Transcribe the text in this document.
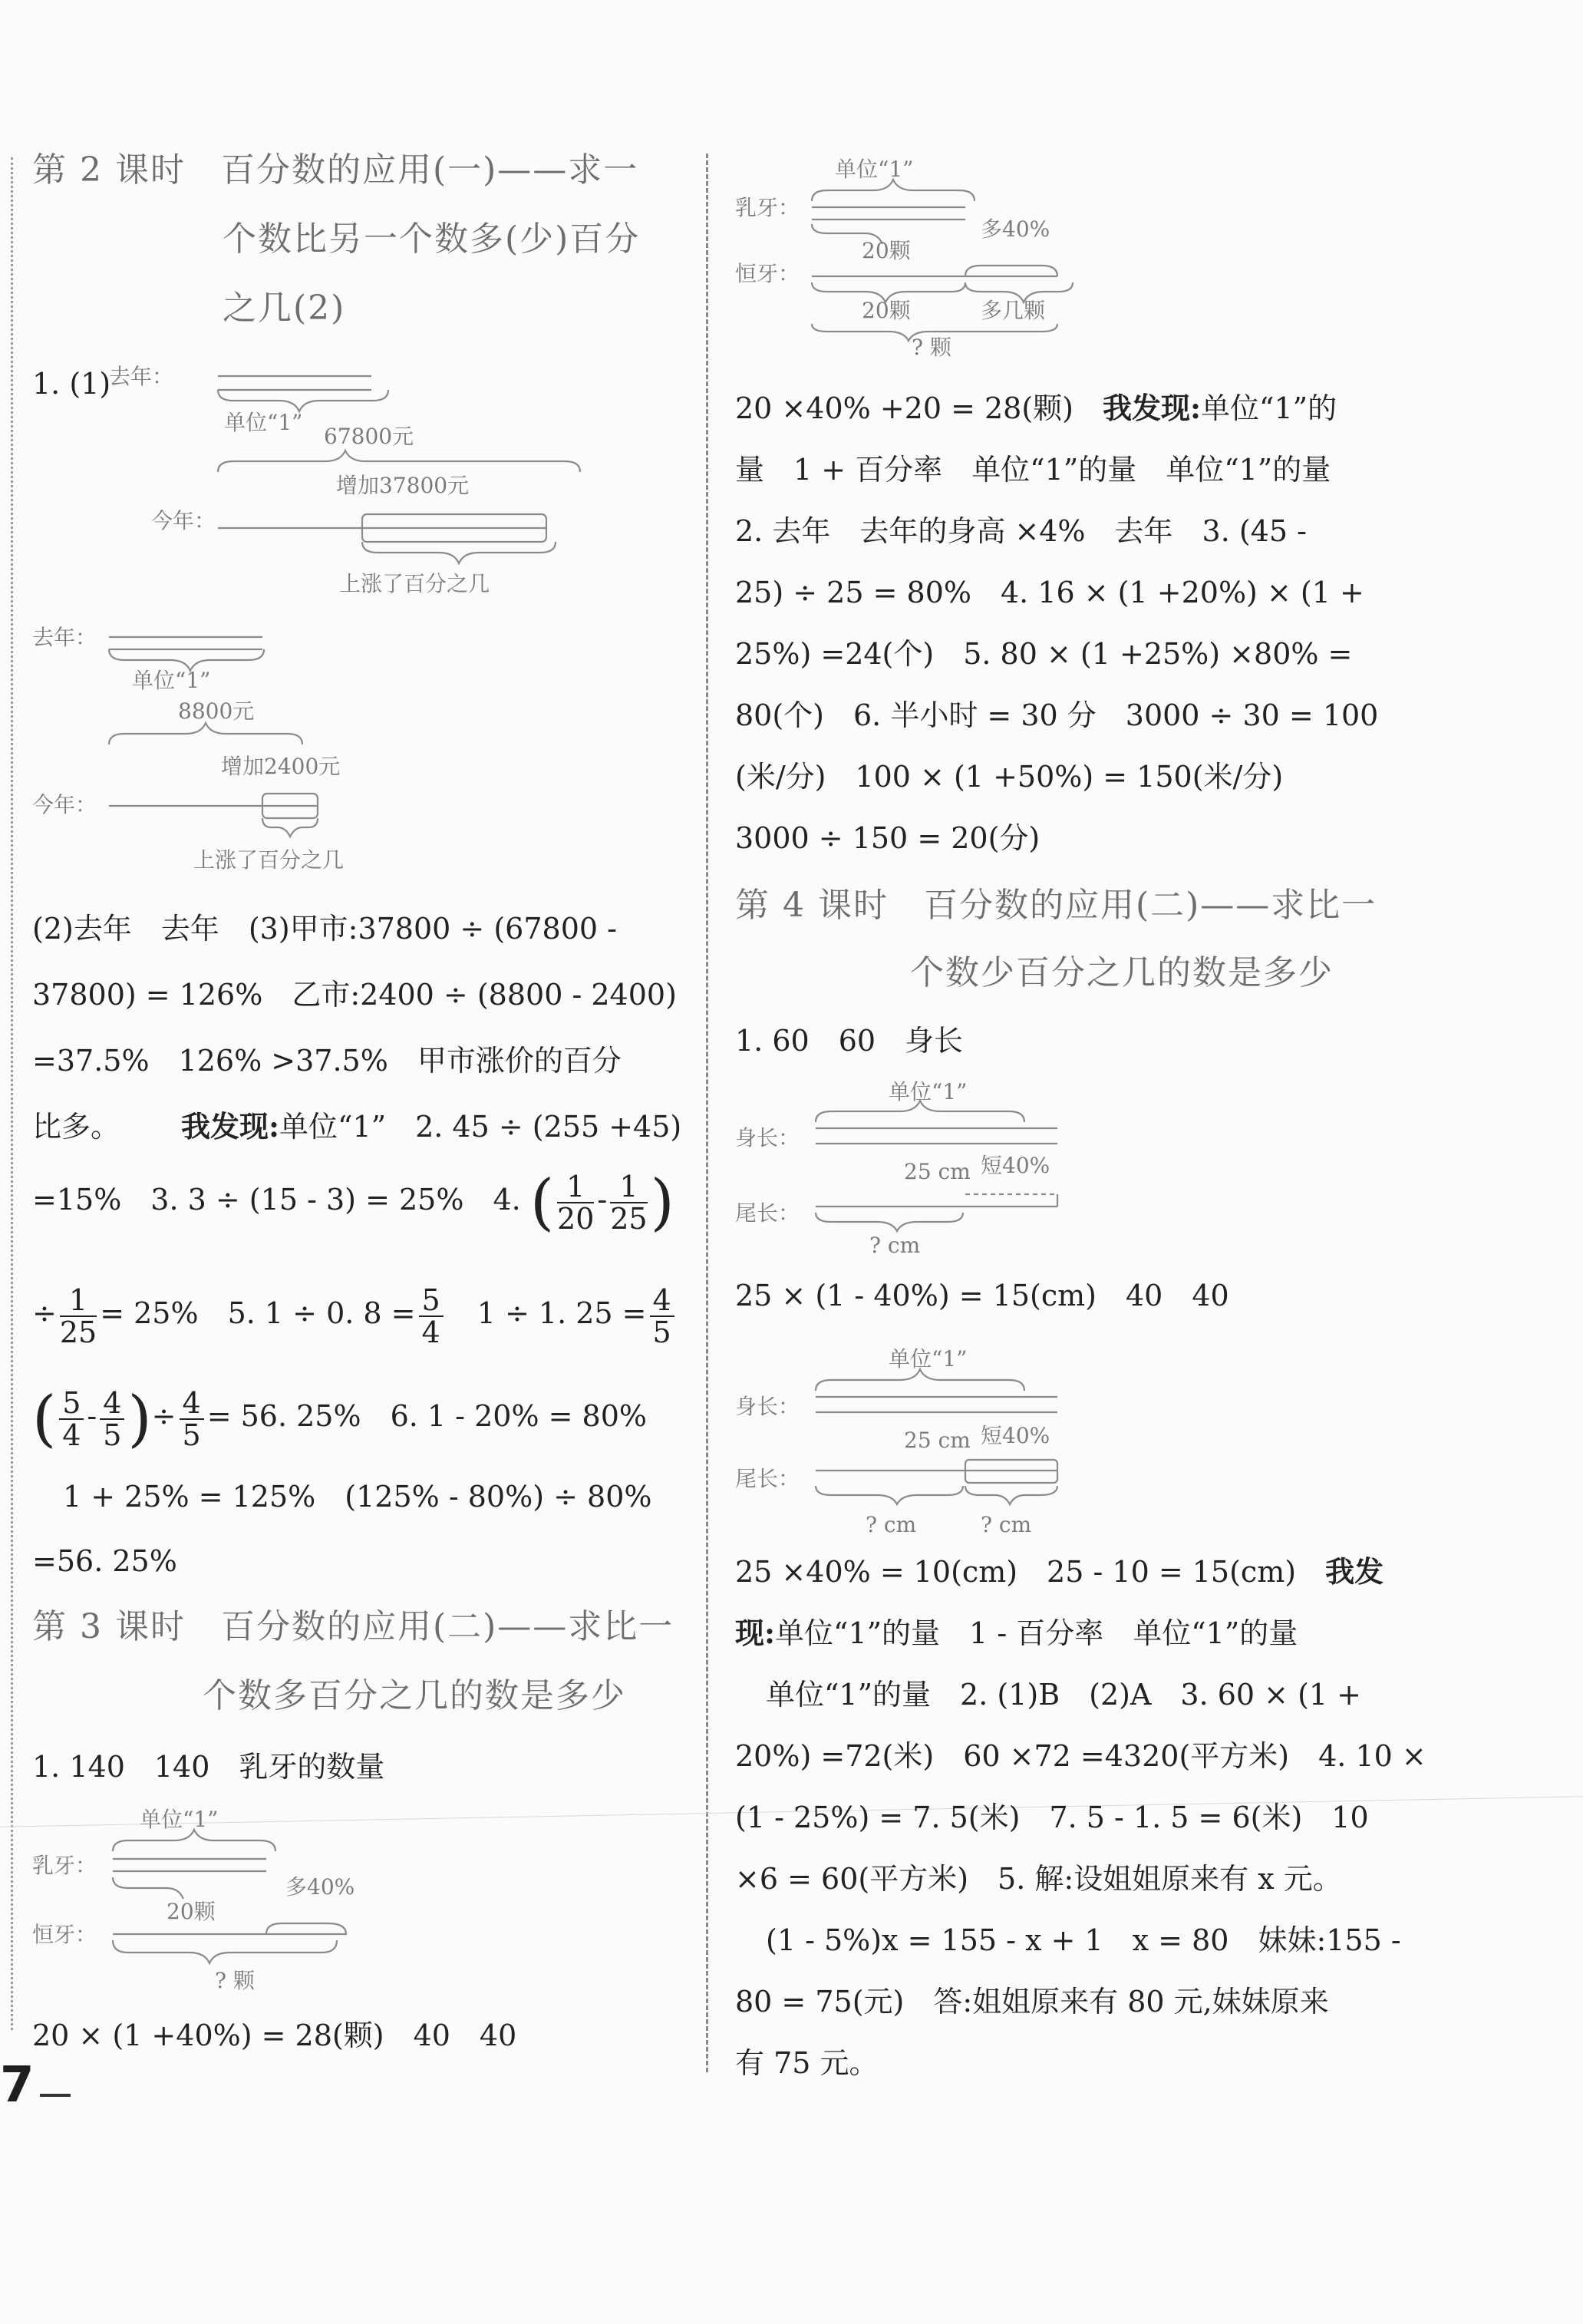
第 2 课时　百分数的应用(一)——求一
个数比另一个数多(少)百分
之几(2)
1. (1)
去年：
单位“1”
67800元
增加37800元
今年：
上涨了百分之几
去年：
单位“1”
8800元
增加2400元
今年：
上涨了百分之几
(2)去年　去年　(3)甲市:37800 ÷ (67800 -
37800) = 126%　乙市:2400 ÷ (8800 - 2400)
=37.5%　126% >37.5%　甲市涨价的百分
比多。 我发现:单位“1”　2. 45 ÷ (255 +45)
=15%　3. 3 ÷ (15 - 3) = 25%　4. ( $\frac{1}{20} - \frac{1}{25}$ )
÷ $\frac{1}{25} = 25\%$　5. 1 ÷ 0. $8 = \frac{5}{4} 1 \div 1$. $25 = \frac{4}{5}$
( $\frac{5}{4} - \frac{4}{5}$ )÷ $\frac{4}{5} = 56$. 25%　6. 1 - 20% = 80%
1 + 25% = 125%　(125% - 80%) ÷ 80%
=56. 25%
第 3 课时　百分数的应用(二)——求比一
个数多百分之几的数是多少
1. 140　140　乳牙的数量
单位“1”
乳牙：
多40%
20颗
恒牙：
? 颗
20 × (1 +40%) = 28(颗)　40　40
单位“1”
乳牙：
多40%
20颗
恒牙：
20颗	多几颗
? 颗
20 ×40% +20 = 28(颗)　我发现:单位“1”的
量　1 + 百分率　单位“1”的量　单位“1”的量
2. 去年　去年的身高 ×4%　去年　3. (45 -
25) ÷ 25 = 80%　4. 16 × (1 +20%) × (1 +
25%) =24(个)　5. 80 × (1 +25%) ×80% =
80(个)　6. 半小时 = 30 分　3000 ÷ 30 = 100
(米/分)　100 × (1 +50%) = 150(米/分)
3000 ÷ 150 = 20(分)
第 4 课时　百分数的应用(二)——求比一
个数少百分之几的数是多少
1. 60　60　身长
单位“1”
身长：
25 cm 短40%
尾长：
? cm
25 × (1 - 40%) = 15(cm)　40　40
单位“1”
身长：
25 cm 短40%
尾长：
? cm	? cm
25 ×40% = 10(cm)　25 - 10 = 15(cm)　我发
现:单位“1”的量　1 - 百分率　单位“1”的量
单位“1”的量　2. (1)B　(2)A　3. 60 × (1 +
20%) =72(米)　60 ×72 =4320(平方米)　4. 10 ×
(1 - 25%) = 7. 5(米)　7. 5 - 1. 5 = 6(米)　10
×6 = 60(平方米)　5. 解:设姐姐原来有 x 元。
(1 - 5%)x = 155 - x + 1　x = 80　妹妹:155 -
80 = 75(元)　答:姐姐原来有 80 元,妹妹原来
有 75 元。
7
